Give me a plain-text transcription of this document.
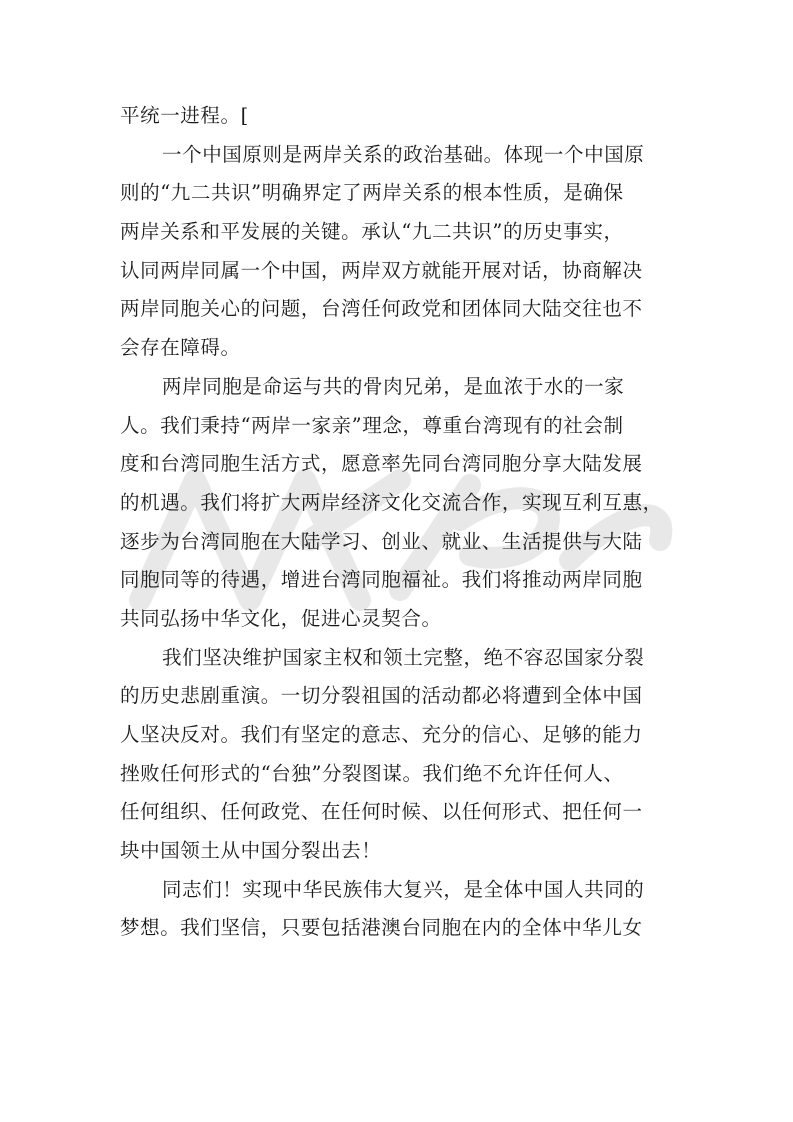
平统一进程。[
一个中国原则是两岸关系的政治基础。体现一个中国原
则的“九二共识”明确界定了两岸关系的根本性质，是确保
两岸关系和平发展的关键。承认“九二共识”的历史事实，
认同两岸同属一个中国，两岸双方就能开展对话，协商解决
两岸同胞关心的问题，台湾任何政党和团体同大陆交往也不
会存在障碍。
两岸同胞是命运与共的骨肉兄弟，是血浓于水的一家
人。我们秉持“两岸一家亲”理念，尊重台湾现有的社会制
度和台湾同胞生活方式，愿意率先同台湾同胞分享大陆发展
的机遇。我们将扩大两岸经济文化交流合作，实现互利互惠，
逐步为台湾同胞在大陆学习、创业、就业、生活提供与大陆
同胞同等的待遇，增进台湾同胞福祉。我们将推动两岸同胞
共同弘扬中华文化，促进心灵契合。
我们坚决维护国家主权和领土完整，绝不容忍国家分裂
的历史悲剧重演。一切分裂祖国的活动都必将遭到全体中国
人坚决反对。我们有坚定的意志、充分的信心、足够的能力
挫败任何形式的“台独”分裂图谋。我们绝不允许任何人、
任何组织、任何政党、在任何时候、以任何形式、把任何一
块中国领土从中国分裂出去！
同志们！实现中华民族伟大复兴，是全体中国人共同的
梦想。我们坚信，只要包括港澳台同胞在内的全体中华儿女
